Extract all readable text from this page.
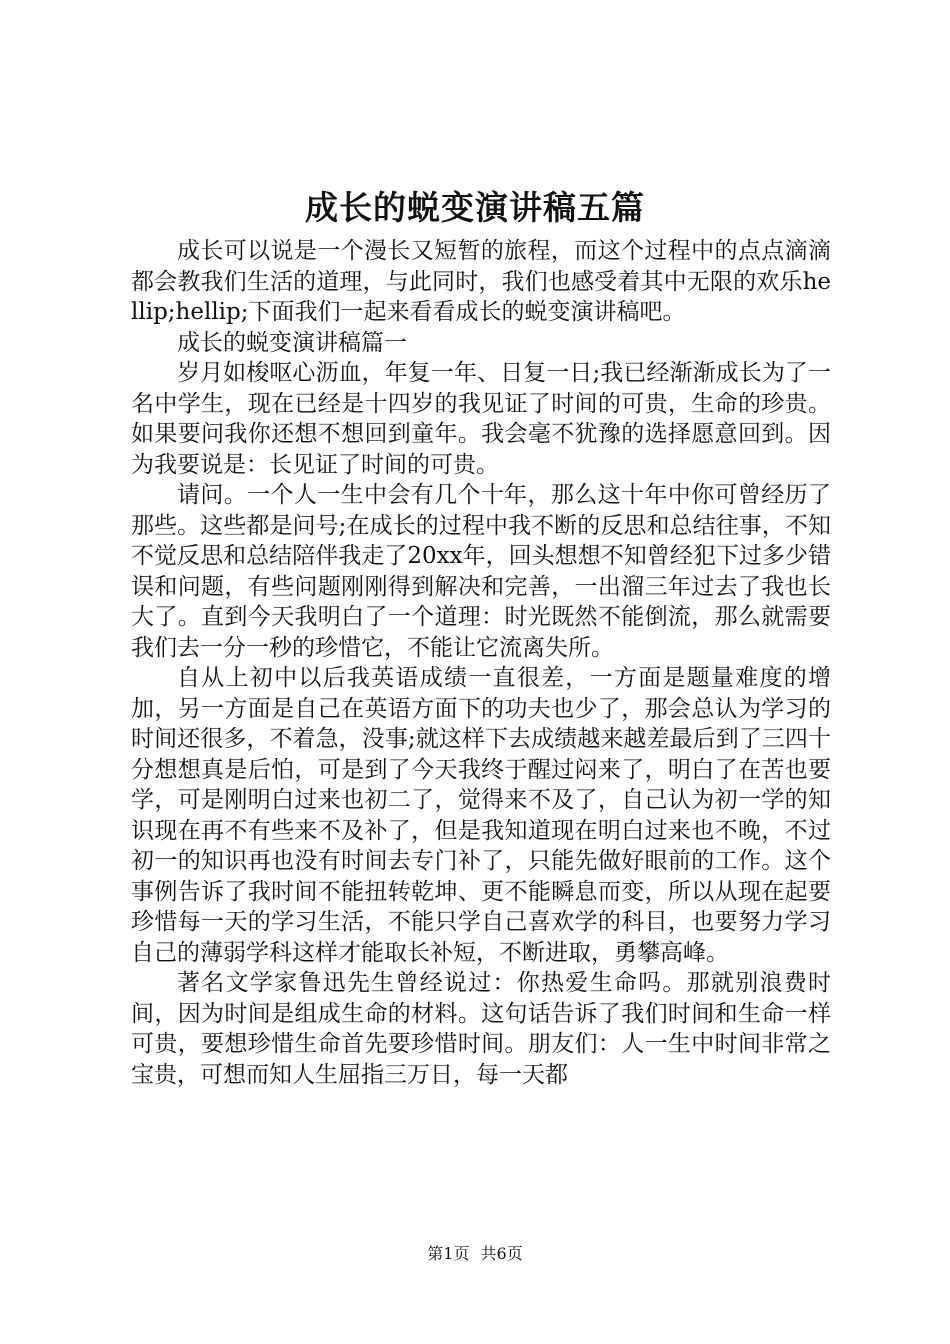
成长的蜕变演讲稿五篇

成长可以说是一个漫长又短暂的旅程，而这个过程中的点点滴滴都会教我们生活的道理，与此同时，我们也感受着其中无限的欢乐hellip;hellip;下面我们一起来看看成长的蜕变演讲稿吧。

成长的蜕变演讲稿篇一

岁月如梭呕心沥血，年复一年、日复一日;我已经渐渐成长为了一名中学生，现在已经是十四岁的我见证了时间的可贵，生命的珍贵。如果要问我你还想不想回到童年。我会毫不犹豫的选择愿意回到。因为我要说是：长见证了时间的可贵。

请问。一个人一生中会有几个十年，那么这十年中你可曾经历了那些。这些都是问号;在成长的过程中我不断的反思和总结往事，不知不觉反思和总结陪伴我走了20xx年，回头想想不知曾经犯下过多少错误和问题，有些问题刚刚得到解决和完善，一出溜三年过去了我也长大了。直到今天我明白了一个道理：时光既然不能倒流，那么就需要我们去一分一秒的珍惜它，不能让它流离失所。

自从上初中以后我英语成绩一直很差，一方面是题量难度的增加，另一方面是自己在英语方面下的功夫也少了，那会总认为学习的时间还很多，不着急，没事;就这样下去成绩越来越差最后到了三四十分想想真是后怕，可是到了今天我终于醒过闷来了，明白了在苦也要学，可是刚明白过来也初二了，觉得来不及了，自己认为初一学的知识现在再不有些来不及补了，但是我知道现在明白过来也不晚，不过初一的知识再也没有时间去专门补了，只能先做好眼前的工作。这个事例告诉了我时间不能扭转乾坤、更不能瞬息而变，所以从现在起要珍惜每一天的学习生活，不能只学自己喜欢学的科目，也要努力学习自己的薄弱学科这样才能取长补短，不断进取，勇攀高峰。

著名文学家鲁迅先生曾经说过：你热爱生命吗。那就别浪费时间，因为时间是组成生命的材料。这句话告诉了我们时间和生命一样可贵，要想珍惜生命首先要珍惜时间。朋友们：人一生中时间非常之宝贵，可想而知人生屈指三万日，每一天都

第1页 共6页
